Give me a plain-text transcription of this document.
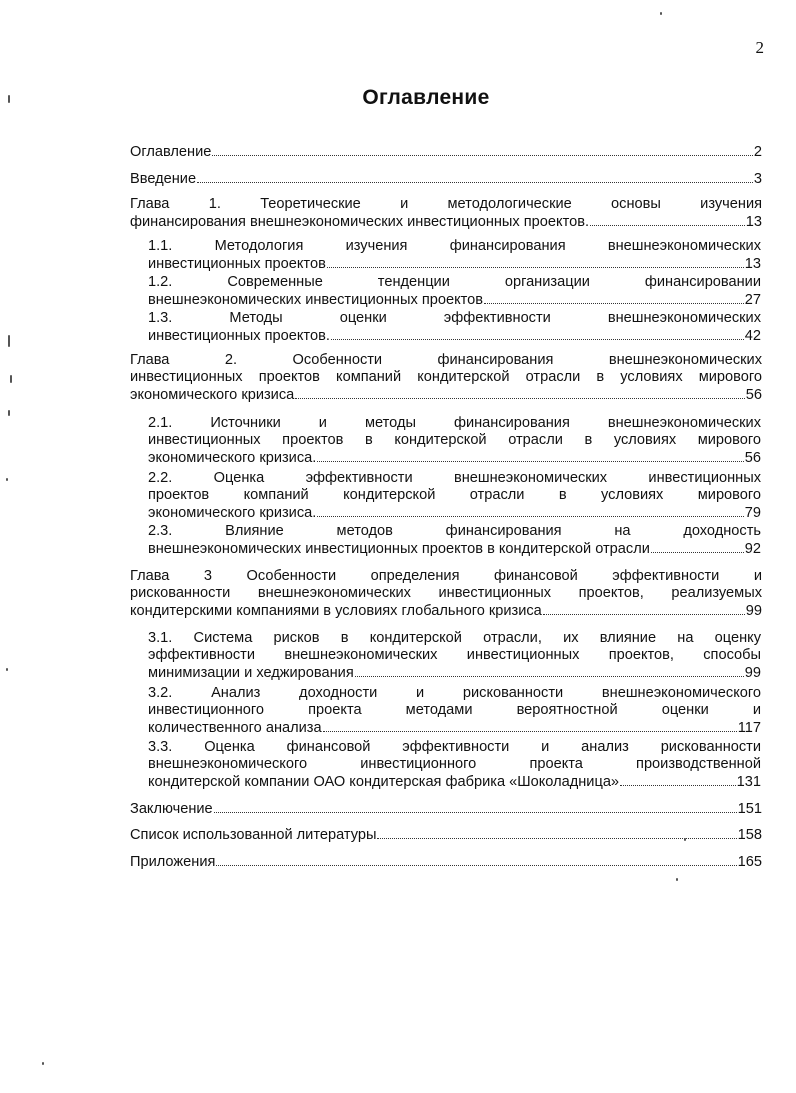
2
Оглавление
Оглавление	2
Введение	3
Глава 1. Теоретические и методологические основы изучения
финансирования внешнеэкономических инвестиционных проектов.	13
1.1. Методология изучения финансирования внешнеэкономических
инвестиционных проектов	13
1.2. Современные тенденции организации финансировании
внешнеэкономических инвестиционных проектов	27
1.3. Методы оценки эффективности внешнеэкономических
инвестиционных проектов.	42
Глава 2. Особенности финансирования внешнеэкономических
инвестиционных проектов компаний кондитерской отрасли в условиях мирового
экономического кризиса	56
2.1. Источники и методы финансирования внешнеэкономических
инвестиционных проектов в кондитерской отрасли в условиях мирового
экономического кризиса.	56
2.2. Оценка эффективности внешнеэкономических инвестиционных
проектов компаний кондитерской отрасли в условиях мирового
экономического кризиса.	79
2.3. Влияние методов финансирования на доходность
внешнеэкономических инвестиционных проектов в кондитерской отрасли	92
Глава 3 Особенности определения финансовой эффективности и
рискованности внешнеэкономических инвестиционных проектов, реализуемых
кондитерскими компаниями в условиях глобального кризиса	99
3.1. Система рисков в кондитерской отрасли, их влияние на оценку
эффективности внешнеэкономических инвестиционных проектов, способы
минимизации и хеджирования	99
3.2. Анализ доходности и рискованности внешнеэкономического
инвестиционного проекта методами вероятностной оценки и
количественного анализа	117
3.3. Оценка финансовой эффективности и анализ рискованности
внешнеэкономического инвестиционного проекта производственной
кондитерской компании ОАО кондитерская фабрика «Шоколадница»	131
Заключение	151
Список использованной литературы	158
Приложения	165
